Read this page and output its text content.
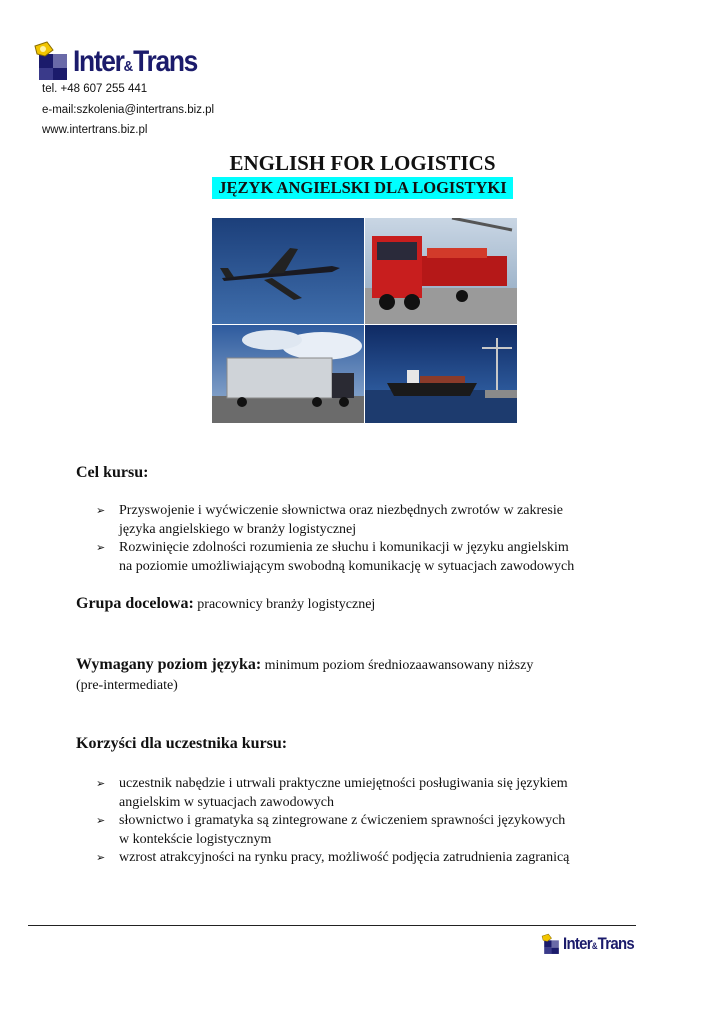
Inter&Trans
tel. +48 607 255 441
e-mail:szkolenia@intertrans.biz.pl
www.intertrans.biz.pl
ENGLISH FOR LOGISTICS
JĘZYK ANGIELSKI DLA LOGISTYKI
Cel kursu:
➢ Przyswojenie i wyćwiczenie słownictwa oraz niezbędnych zwrotów w zakresie
języka angielskiego w branży logistycznej
➢ Rozwinięcie zdolności rozumienia ze słuchu i komunikacji w języku angielskim
na poziomie umożliwiającym swobodną komunikację w sytuacjach zawodowych
Grupa docelowa: pracownicy branży logistycznej
Wymagany poziom języka: minimum poziom średniozaawansowany niższy
(pre-intermediate)
Korzyści dla uczestnika kursu:
➢ uczestnik nabędzie i utrwali praktyczne umiejętności posługiwania się językiem
angielskim w sytuacjach zawodowych
➢ słownictwo i gramatyka są zintegrowane z ćwiczeniem sprawności językowych
w kontekście logistycznym
➢ wzrost atrakcyjności na rynku pracy, możliwość podjęcia zatrudnienia zagranicą
Inter&Trans
